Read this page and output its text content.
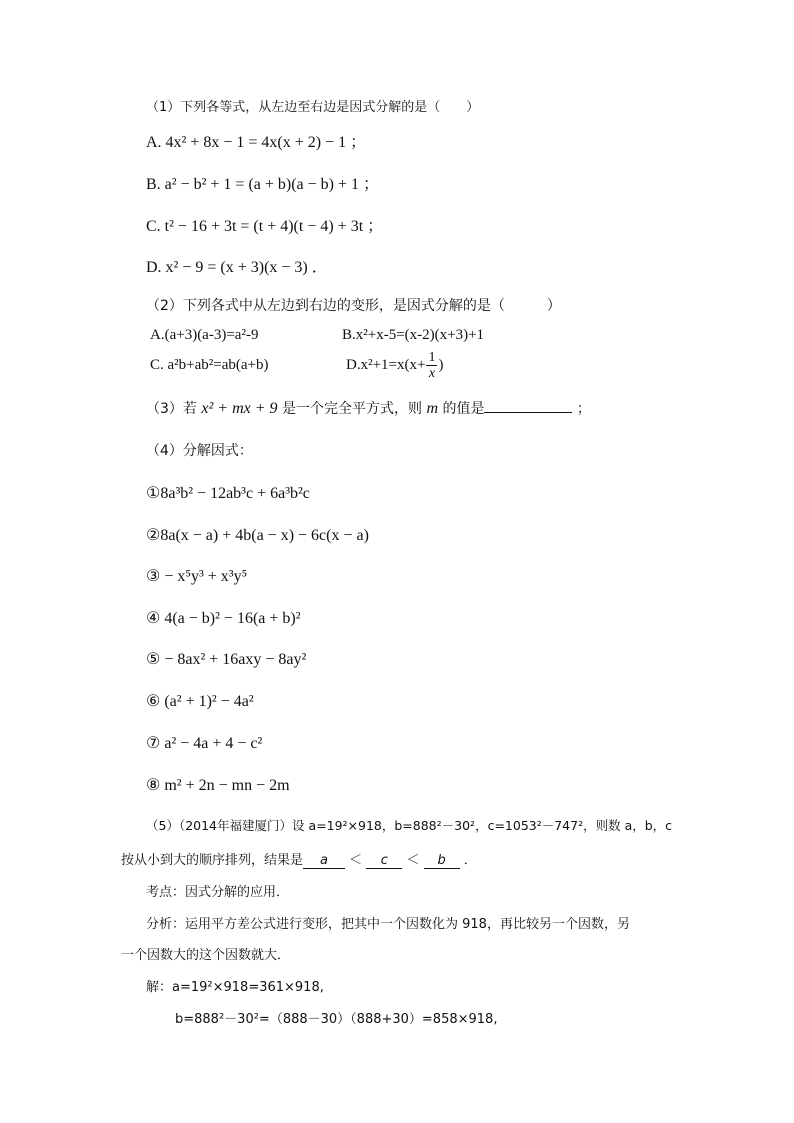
（1）下列各等式，从左边至右边是因式分解的是（　　）
A. 4x² + 8x − 1 = 4x(x + 2) − 1 ；
B. a² − b² + 1 = (a + b)(a − b) + 1 ；
C. t² − 16 + 3t = (t + 4)(t − 4) + 3t ；
D. x² − 9 = (x + 3)(x − 3) ．
（2）下列各式中从左边到右边的变形，是因式分解的是（　　　）
A.(a+3)(a-3)=a²-9	B.x²+x-5=(x-2)(x+3)+1
C. a²b+ab²=ab(a+b)	$D.x^2+1=x(x+ \frac{1}{x}$ )
（3）若 x² + mx + 9 是一个完全平方式，则 m 的值是	；
（4）分解因式：
①8a³b² − 12ab³c + 6a³b²c
②8a(x − a) + 4b(a − x) − 6c(x − a)
③ − x⁵y³ + x³y⁵
④ 4(a − b)² − 16(a + b)²
⑤ − 8ax² + 16axy − 8ay²
⑥ (a² + 1)² − 4a²
⑦ a² − 4a + 4 − c²
⑧ m² + 2n − mn − 2m
（5）（2014年福建厦门）设 a=19²×918，b=888²－30²，c=1053²－747²，则数 a，b，c
按从小到大的顺序排列，结果是 a ＜ c ＜ b ．
考点：因式分解的应用．
分析：运用平方差公式进行变形，把其中一个因数化为 918，再比较另一个因数，另
一个因数大的这个因数就大．
解：a=19²×918=361×918,
b=888²－30²=（888－30）（888+30）=858×918,
